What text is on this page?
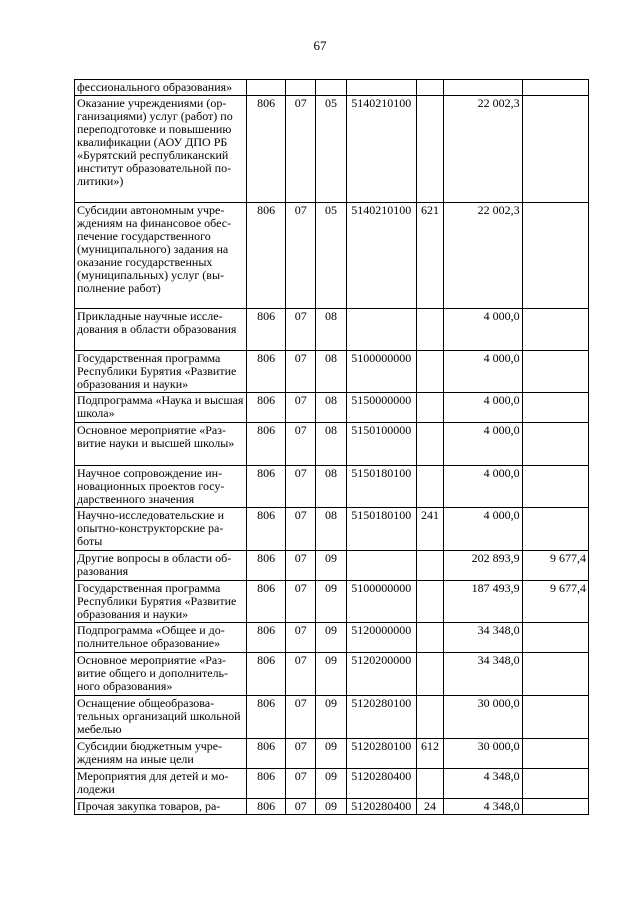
67
фессионального образования»							
Оказание учреждениями (организациями) услуг (работ) по переподготовке и повышению квалификации (АОУ ДПО РБ «Бурятский республиканский институт образовательной политики»)	806	07	05	5140210100		22 002,3	
Субсидии автономным учреждениям на финансовое обеспечение государственного (муниципального) задания на оказание государственных (муниципальных) услуг (выполнение работ)	806	07	05	5140210100	621	22 002,3	
Прикладные научные исследования в области образования	806	07	08			4 000,0	
Государственная программа Республики Бурятия «Развитие образования и науки»	806	07	08	5100000000		4 000,0	
Подпрограмма «Наука и высшая школа»	806	07	08	5150000000		4 000,0	
Основное мероприятие «Развитие науки и высшей школы»	806	07	08	5150100000		4 000,0	
Научное сопровождение инновационных проектов государственного значения	806	07	08	5150180100		4 000,0	
Научно-исследовательские и опытно-конструкторские работы	806	07	08	5150180100	241	4 000,0	
Другие вопросы в области образования	806	07	09			202 893,9	9 677,4
Государственная программа Республики Бурятия «Развитие образования и науки»	806	07	09	5100000000		187 493,9	9 677,4
Подпрограмма «Общее и дополнительное образование»	806	07	09	5120000000		34 348,0	
Основное мероприятие «Развитие общего и дополнительного образования»	806	07	09	5120200000		34 348,0	
Оснащение общеобразовательных организаций школьной мебелью	806	07	09	5120280100		30 000,0	
Субсидии бюджетным учреждениям на иные цели	806	07	09	5120280100	612	30 000,0	
Мероприятия для детей и молодежи	806	07	09	5120280400		4 348,0	
Прочая закупка товаров, ра-	806	07	09	5120280400	24	4 348,0	
